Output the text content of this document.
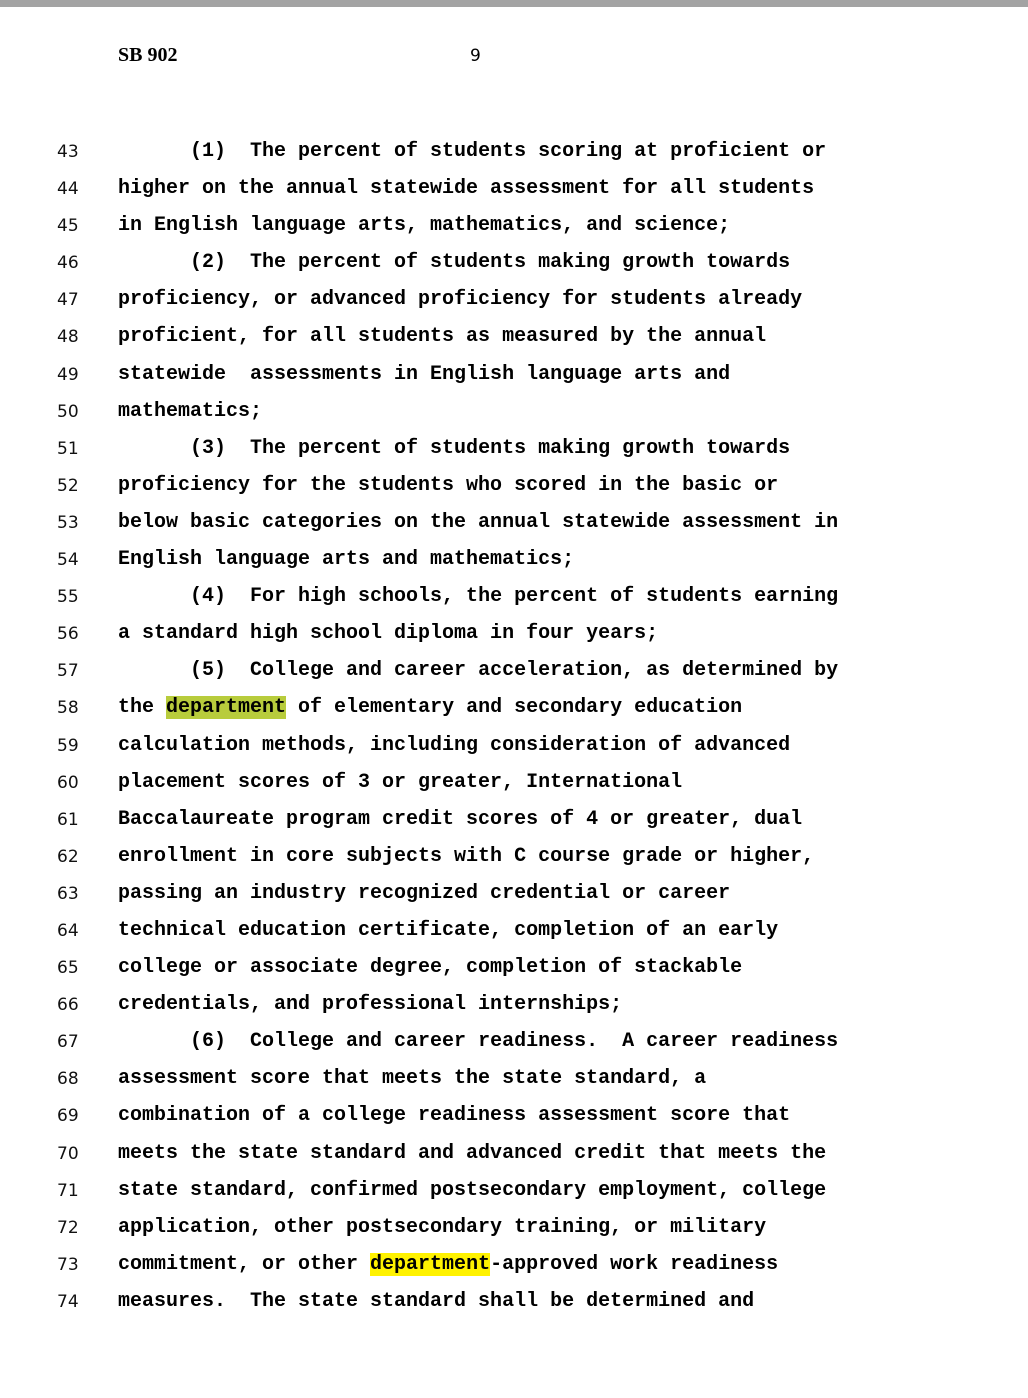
SB 902	9
43	(1)  The percent of students scoring at proficient or
44 higher on the annual statewide assessment for all students
45 in English language arts, mathematics, and science;
46	(2)  The percent of students making growth towards
47 proficiency, or advanced proficiency for students already
48 proficient, for all students as measured by the annual
49 statewide  assessments in English language arts and
50 mathematics;
51	(3)  The percent of students making growth towards
52 proficiency for the students who scored in the basic or
53 below basic categories on the annual statewide assessment in
54 English language arts and mathematics;
55	(4)  For high schools, the percent of students earning
56 a standard high school diploma in four years;
57	(5)  College and career acceleration, as determined by
58 the department of elementary and secondary education
59 calculation methods, including consideration of advanced
60 placement scores of 3 or greater, International
61 Baccalaureate program credit scores of 4 or greater, dual
62 enrollment in core subjects with C course grade or higher,
63 passing an industry recognized credential or career
64 technical education certificate, completion of an early
65 college or associate degree, completion of stackable
66 credentials, and professional internships;
67	(6)  College and career readiness.  A career readiness
68 assessment score that meets the state standard, a
69 combination of a college readiness assessment score that
70 meets the state standard and advanced credit that meets the
71 state standard, confirmed postsecondary employment, college
72 application, other postsecondary training, or military
73 commitment, or other department-approved work readiness
74 measures.  The state standard shall be determined and
